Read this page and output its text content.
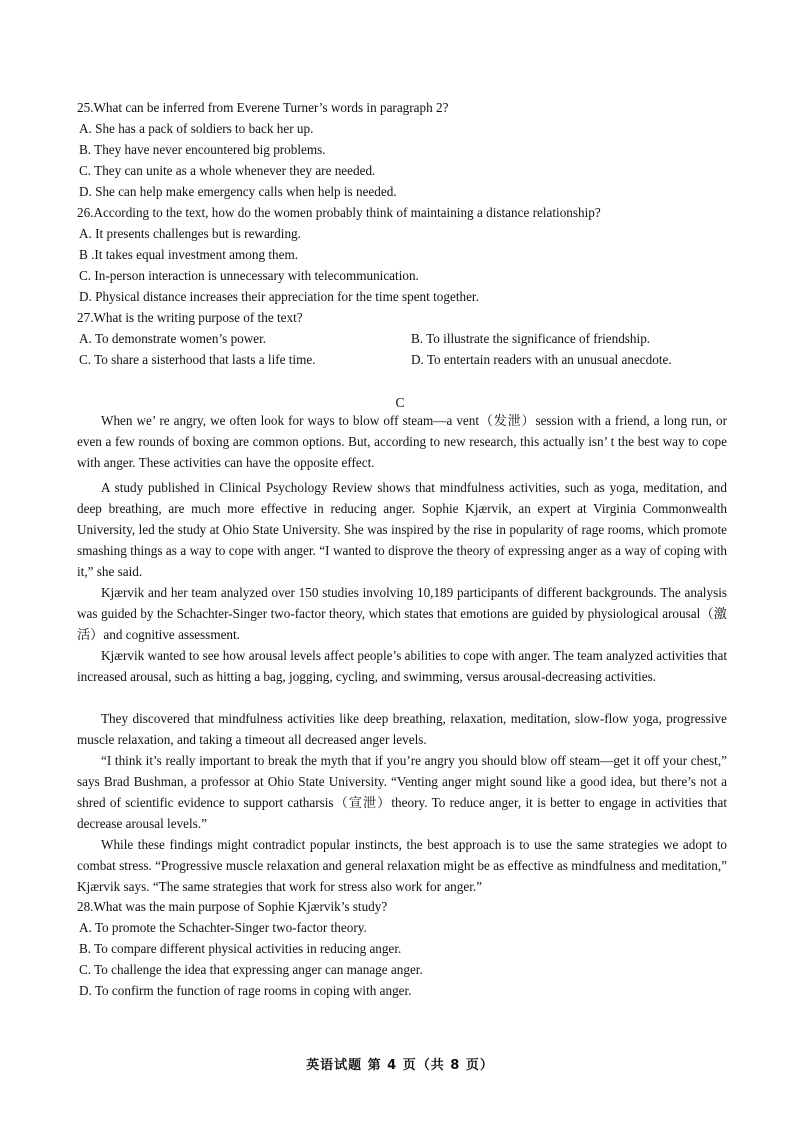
25.What can be inferred from Everene Turner’s words in paragraph 2?
A. She has a pack of soldiers to back her up.
B. They have never encountered big problems.
C. They can unite as a whole whenever they are needed.
D. She can help make emergency calls when help is needed.
26.According to the text, how do the women probably think of maintaining a distance relationship?
A. It presents challenges but is rewarding.
B .It takes equal investment among them.
C. In-person interaction is unnecessary with telecommunication.
D. Physical distance increases their appreciation for the time spent together.
27.What is the writing purpose of the text?
A. To demonstrate women’s power.	B. To illustrate the significance of friendship.
C. To share a sisterhood that lasts a life time.	D. To entertain readers with an unusual anecdote.
C
When we’ re angry, we often look for ways to blow off steam—a vent（发泄）session with a friend, a long run, or even a few rounds of boxing are common options. But, according to new research, this actually isn’ t the best way to cope with anger. These activities can have the opposite effect.
A study published in Clinical Psychology Review shows that mindfulness activities, such as yoga, meditation, and deep breathing, are much more effective in reducing anger. Sophie Kjærvik, an expert at Virginia Commonwealth University, led the study at Ohio State University. She was inspired by the rise in popularity of rage rooms, which promote smashing things as a way to cope with anger. “I wanted to disprove the theory of expressing anger as a way of coping with it,” she said.
Kjærvik and her team analyzed over 150 studies involving 10,189 participants of different backgrounds. The analysis was guided by the Schachter-Singer two-factor theory, which states that emotions are guided by physiological arousal（激活）and cognitive assessment.
Kjærvik wanted to see how arousal levels affect people’s abilities to cope with anger. The team analyzed activities that increased arousal, such as hitting a bag, jogging, cycling, and swimming, versus arousal-decreasing activities.
They discovered that mindfulness activities like deep breathing, relaxation, meditation, slow-flow yoga, progressive muscle relaxation, and taking a timeout all decreased anger levels.
“I think it’s really important to break the myth that if you’re angry you should blow off steam—get it off your chest,” says Brad Bushman, a professor at Ohio State University. “Venting anger might sound like a good idea, but there’s not a shred of scientific evidence to support catharsis（宣泄）theory. To reduce anger, it is better to engage in activities that decrease arousal levels.”
While these findings might contradict popular instincts, the best approach is to use the same strategies we adopt to combat stress. “Progressive muscle relaxation and general relaxation might be as effective as mindfulness and meditation,” Kjærvik says. “The same strategies that work for stress also work for anger.”
28.What was the main purpose of Sophie Kjærvik’s study?
A. To promote the Schachter-Singer two-factor theory.
B. To compare different physical activities in reducing anger.
C. To challenge the idea that expressing anger can manage anger.
D. To confirm the function of rage rooms in coping with anger.
英语试题 第 4 页（共 8 页）
